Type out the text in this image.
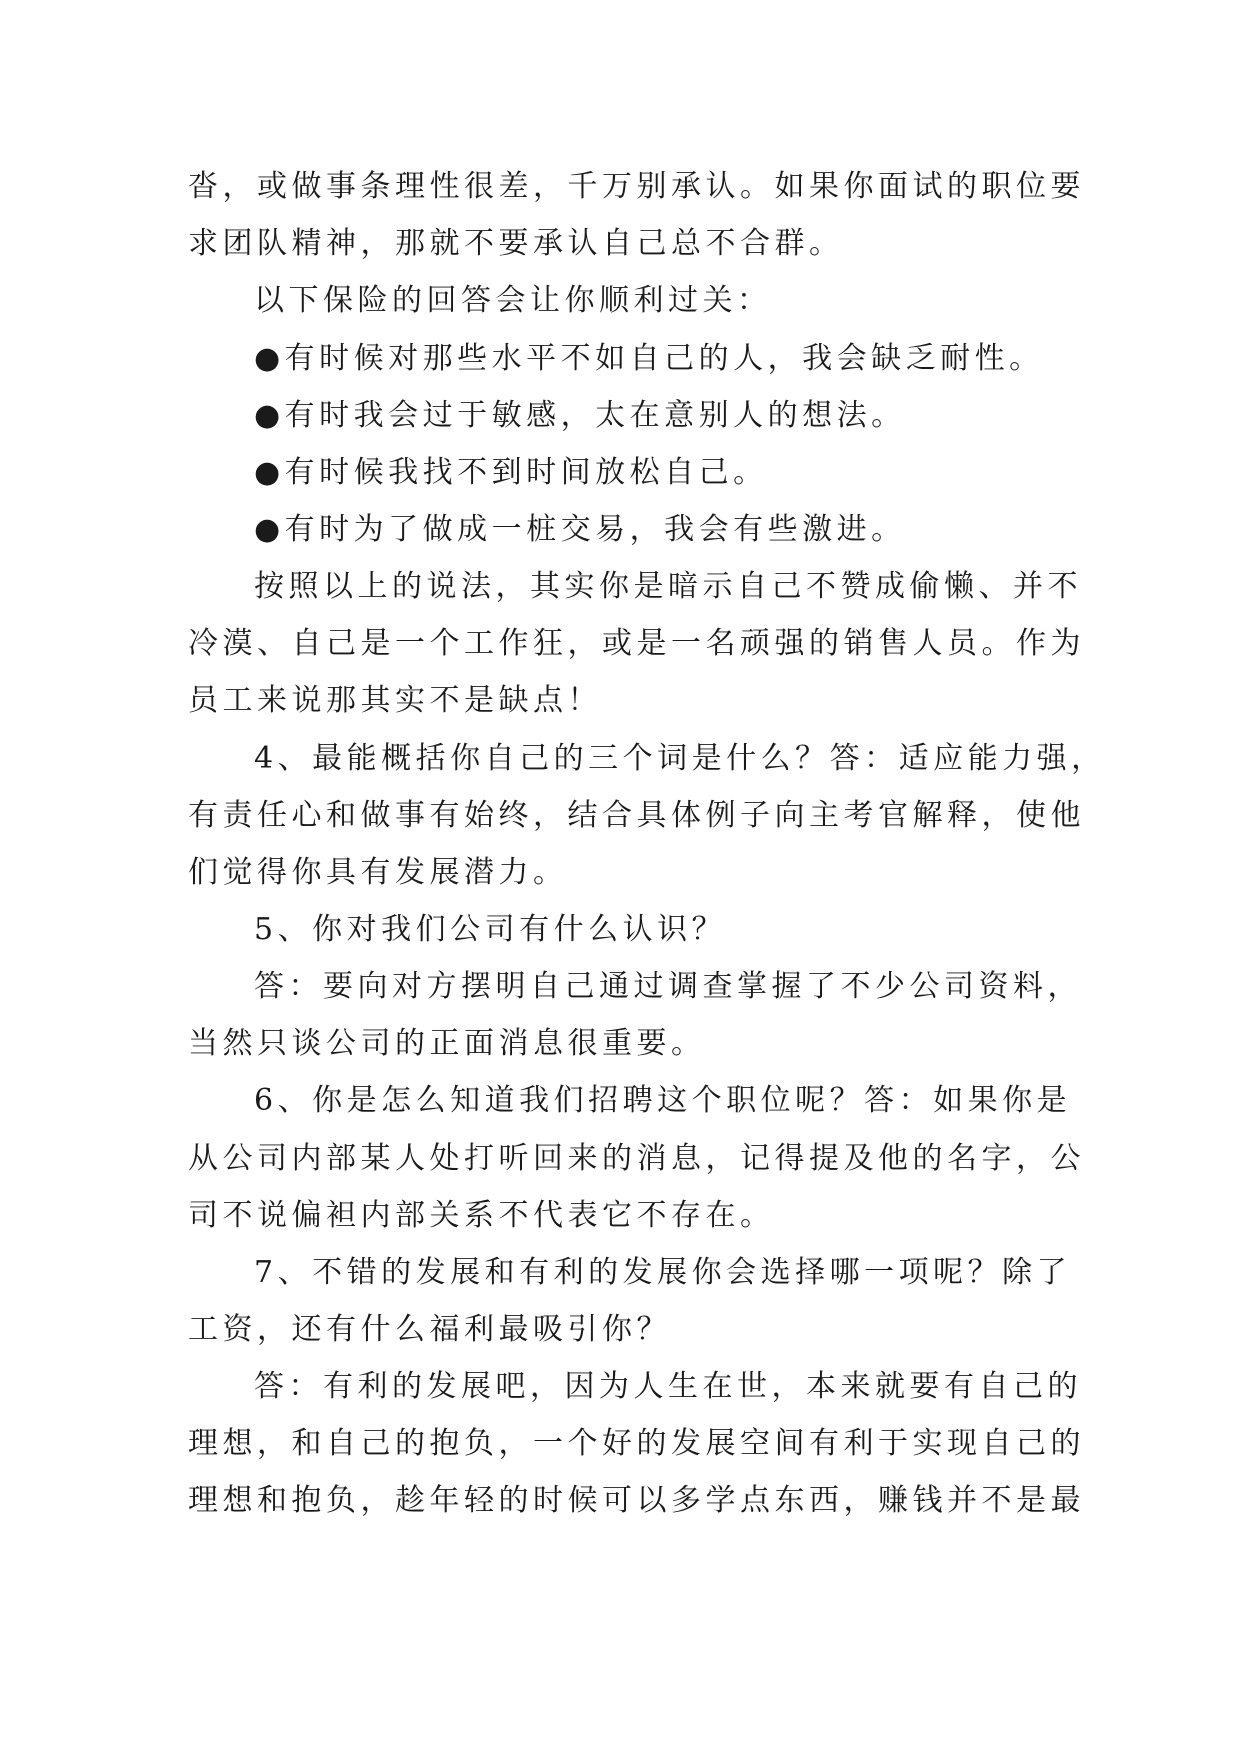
沓，或做事条理性很差，千万别承认。如果你面试的职位要
求团队精神，那就不要承认自己总不合群。
以下保险的回答会让你顺利过关：
●有时候对那些水平不如自己的人，我会缺乏耐性。
●有时我会过于敏感，太在意别人的想法。
●有时候我找不到时间放松自己。
●有时为了做成一桩交易，我会有些激进。
按照以上的说法，其实你是暗示自己不赞成偷懒、并不
冷漠、自己是一个工作狂，或是一名顽强的销售人员。作为
员工来说那其实不是缺点！
4、最能概括你自己的三个词是什么？答：适应能力强，
有责任心和做事有始终，结合具体例子向主考官解释，使他
们觉得你具有发展潜力。
5、你对我们公司有什么认识？
答：要向对方摆明自己通过调查掌握了不少公司资料，
当然只谈公司的正面消息很重要。
6、你是怎么知道我们招聘这个职位呢？答：如果你是
从公司内部某人处打听回来的消息，记得提及他的名字，公
司不说偏袒内部关系不代表它不存在。
7、不错的发展和有利的发展你会选择哪一项呢？除了
工资，还有什么福利最吸引你？
答：有利的发展吧，因为人生在世，本来就要有自己的
理想，和自己的抱负，一个好的发展空间有利于实现自己的
理想和抱负，趁年轻的时候可以多学点东西，赚钱并不是最
